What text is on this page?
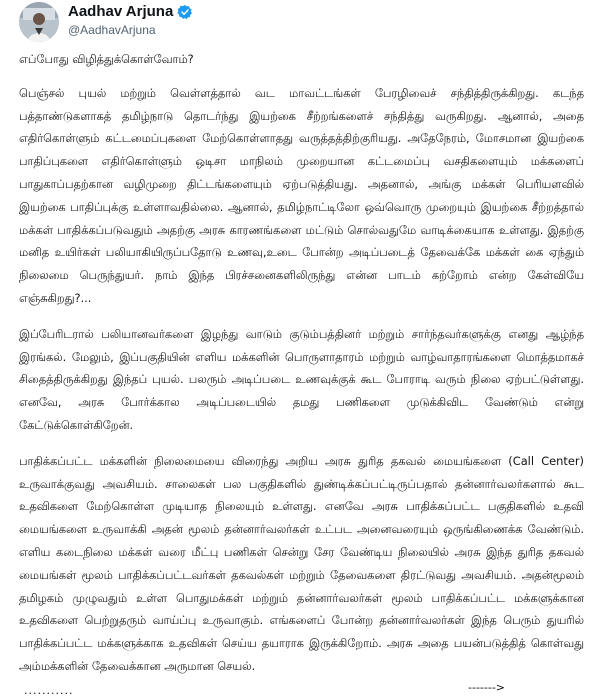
Aadhav Arjuna
@AadhavArjuna
எப்போது விழித்துக்கொள்வோம்?

பெஞ்சல் புயல் மற்றும் வெள்ளத்தால் வட மாவட்டங்கள் பேரழிவைச் சந்தித்திருக்கிறது. கடந்த பத்தாண்டுகளாகத் தமிழ்நாடு தொடர்ந்து இயற்கை சீற்றங்களைச் சந்தித்து வருகிறது. ஆனால், அதை எதிர்கொள்ளும் கட்டமைப்புகளை மேற்கொள்ளாதது வருத்தத்திற்குரியது. அதேநேரம், மோசமான இயற்கை பாதிப்புகளை எதிர்கொள்ளும் ஒடிசா மாநிலம் முறையான கட்டமைப்பு வசதிகளையும் மக்களைப் பாதுகாப்பதற்கான வழிமுறை திட்டங்களையும் ஏற்படுத்தியது. அதனால், அங்கு மக்கள் பெரியளவில் இயற்கை பாதிப்புக்கு உள்ளாவதில்லை. ஆனால், தமிழ்நாட்டிலோ ஒவ்வொரு முறையும் இயற்கை சீற்றத்தால் மக்கள் பாதிக்கப்படுவதும் அதற்கு அரசு காரணங்களை மட்டும் சொல்வதுமே வாடிக்கையாக உள்ளது. இதற்கு மனித உயிர்கள் பலியாகியிருப்பதோடு உணவு,உடை போன்ற அடிப்படைத் தேவைக்கே மக்கள் கை ஏந்தும் நிலைமை பெருந்துயர். நாம் இந்த பிரச்சனைகளிலிருந்து என்ன பாடம் கற்றோம் என்ற கேள்வியே எஞ்சுகிறது?...

இப்பேரிடரால் பலியானவர்களை இழந்து வாடும் குடும்பத்தினர் மற்றும் சார்ந்தவர்களுக்கு எனது ஆழ்ந்த இரங்கல். மேலும், இப்பகுதியின் எளிய மக்களின் பொருளாதாரம் மற்றும் வாழ்வாதாரங்களை மொத்தமாகச் சிதைத்திருக்கிறது இந்தப் புயல். பலரும் அடிப்படை உணவுக்குக் கூட போராடி வரும் நிலை ஏற்பட்டுள்ளது. எனவே, அரசு போர்க்கால அடிப்படையில் தமது பணிகளை முடுக்கிவிட வேண்டும் என்று கேட்டுக்கொள்கிறேன்.

பாதிக்கப்பட்ட மக்களின் நிலைமையை விரைந்து அறிய அரசு துரித தகவல் மையங்களை (Call Center) உருவாக்குவது அவசியம். சாலைகள் பல பகுதிகளில் துண்டிக்கப்பட்டிருப்பதால் தன்னார்வலர்களால் கூட உதவிகளை மேற்கொள்ள முடியாத நிலையும் உள்ளது. எனவே அரசு பாதிக்கப்பட்ட பகுதிகளில் உதவி மையங்களை உருவாக்கி அதன் மூலம் தன்னார்வலர்கள் உட்பட அனைவரையும் ஒருங்கிணைக்க வேண்டும். எளிய கடைநிலை மக்கள் வரை மீட்பு பணிகள் சென்று சேர வேண்டிய நிலையில் அரசு இந்த துரித தகவல் மையங்கள் மூலம் பாதிக்கப்பட்டவர்கள் தகவல்கள் மற்றும் தேவைகளை திரட்டுவது அவசியம். அதன்மூலம் தமிழகம் முழுவதும் உள்ள பொதுமக்கள் மற்றும் தன்னார்வலர்கள் மூலம் பாதிக்கப்பட்ட மக்களுக்கான உதவிகளை பெற்றுதரும் வாய்ப்பு உருவாகும். எங்களைப் போன்ற தன்னார்வலர்கள் இந்த பெரும் துயரில் பாதிக்கப்பட்ட மக்களுக்காக உதவிகள் செய்ய தயாராக இருக்கிறோம். அரசு அதை பயன்படுத்தித் கொள்வது அம்மக்களின் தேவைக்கான அருமான செயல்.

...........	------->
